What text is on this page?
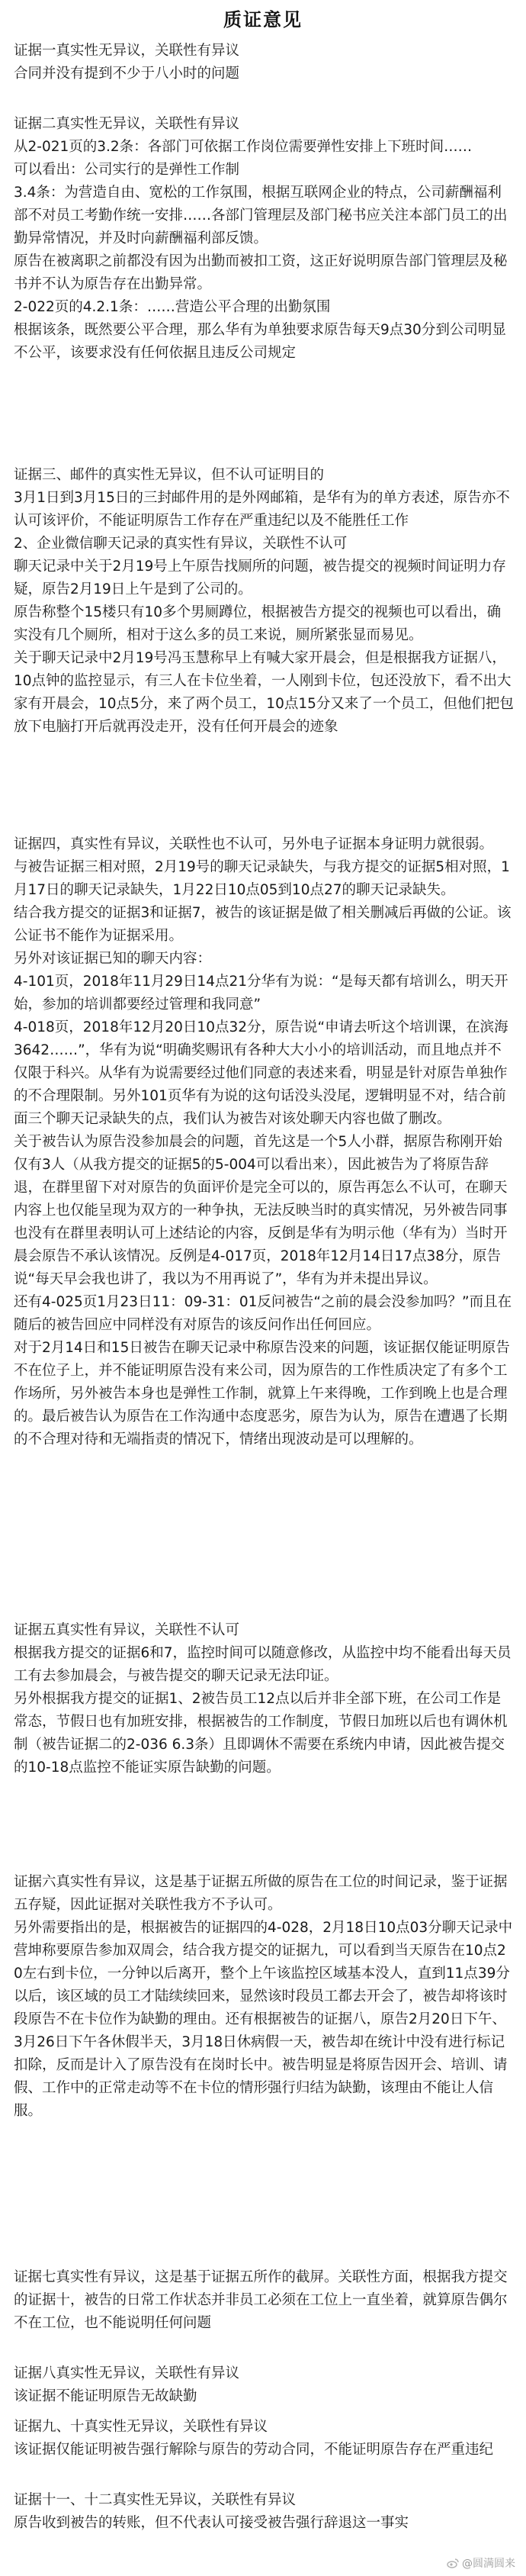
质证意见

证据一真实性无异议，关联性有异议

合同并没有提到不少于八小时的问题

证据二真实性无异议，关联性有异议

从2-021页的3.2条：各部门可依据工作岗位需要弹性安排上下班时间……

可以看出：公司实行的是弹性工作制

3.4条：为营造自由、宽松的工作氛围，根据互联网企业的特点，公司薪酬福利部不对员工考勤作统一安排……各部门管理层及部门秘书应关注本部门员工的出勤异常情况，并及时向薪酬福利部反馈。

原告在被离职之前都没有因为出勤而被扣工资，这正好说明原告部门管理层及秘书并不认为原告存在出勤异常。

2-022页的4.2.1条：……营造公平合理的出勤氛围

根据该条，既然要公平合理，那么华有为单独要求原告每天9点30分到公司明显不公平，该要求没有任何依据且违反公司规定

证据三、邮件的真实性无异议，但不认可证明目的

3月1日到3月15日的三封邮件用的是外网邮箱，是华有为的单方表述，原告亦不认可该评价，不能证明原告工作存在严重违纪以及不能胜任工作

2、企业微信聊天记录的真实性有异议，关联性不认可

聊天记录中关于2月19号上午原告找厕所的问题，被告提交的视频时间证明力存疑，原告2月19日上午是到了公司的。

原告称整个15楼只有10多个男厕蹲位，根据被告方提交的视频也可以看出，确实没有几个厕所，相对于这么多的员工来说，厕所紧张显而易见。

关于聊天记录中2月19号冯玉慧称早上有喊大家开晨会，但是根据我方证据八，10点钟的监控显示，有三人在卡位坐着，一人刚到卡位，包还没放下，看不出大家有开晨会，10点5分，来了两个员工，10点15分又来了一个员工，但他们把包放下电脑打开后就再没走开，没有任何开晨会的迹象

证据四，真实性有异议，关联性也不认可，另外电子证据本身证明力就很弱。

与被告证据三相对照，2月19号的聊天记录缺失，与我方提交的证据5相对照，1月17日的聊天记录缺失，1月22日10点05到10点27的聊天记录缺失。

结合我方提交的证据3和证据7，被告的该证据是做了相关删减后再做的公证。该公证书不能作为证据采用。

另外对该证据已知的聊天内容：

4-101页，2018年11月29日14点21分华有为说：“是每天都有培训么，明天开始，参加的培训都要经过管理和我同意”

4-018页，2018年12月20日10点32分，原告说“申请去听这个培训课，在滨海3642……”，华有为说“明确奖赐讯有各种大大小小的培训活动，而且地点并不仅限于科兴。从华有为说需要经过他们同意的表述来看，明显是针对原告单独作的不合理限制。另外101页华有为说的这句话没头没尾，逻辑明显不对，结合前面三个聊天记录缺失的点，我们认为被告对该处聊天内容也做了删改。

关于被告认为原告没参加晨会的问题，首先这是一个5人小群，据原告称刚开始仅有3人（从我方提交的证据5的5-004可以看出来），因此被告为了将原告辞退，在群里留下对对原告的负面评价是完全可以的，原告再怎么不认可，在聊天内容上也仅能呈现为双方的一种争执，无法反映当时的真实情况，另外被告同事也没有在群里表明认可上述结论的内容，反倒是华有为明示他（华有为）当时开晨会原告不承认该情况。反例是4-017页，2018年12月14日17点38分，原告说“每天早会我也讲了，我以为不用再说了”，华有为并未提出异议。

还有4-025页1月23日11：09-31：01反问被告“之前的晨会没参加吗？”而且在随后的被告回应中同样没有对原告的该反问作出任何回应。

对于2月14日和15日被告在聊天记录中称原告没来的问题，该证据仅能证明原告不在位子上，并不能证明原告没有来公司，因为原告的工作性质决定了有多个工作场所，另外被告本身也是弹性工作制，就算上午来得晚，工作到晚上也是合理的。最后被告认为原告在工作沟通中态度恶劣，原告为认为，原告在遭遇了长期的不合理对待和无端指责的情况下，情绪出现波动是可以理解的。

证据五真实性有异议，关联性不认可

根据我方提交的证据6和7，监控时间可以随意修改，从监控中均不能看出每天员工有去参加晨会，与被告提交的聊天记录无法印证。

另外根据我方提交的证据1、2被告员工12点以后并非全部下班，在公司工作是常态，节假日也有加班安排，根据被告的工作制度，节假日加班以后也有调休机制（被告证据二的2-036 6.3条）且即调休不需要在系统内申请，因此被告提交的10-18点监控不能证实原告缺勤的问题。

证据六真实性有异议，这是基于证据五所做的原告在工位的时间记录，鉴于证据五存疑，因此证据对关联性我方不予认可。

另外需要指出的是，根据被告的证据四的4-028，2月18日10点03分聊天记录中营坤称要原告参加双周会，结合我方提交的证据九，可以看到当天原告在10点20左右到卡位，一分钟以后离开，整个上午该监控区域基本没人，直到11点39分以后，该区域的员工才陆续续回来，显然该时段员工都去开会了，被告却将该时段原告不在卡位作为缺勤的理由。还有根据被告的证据八，原告2月20日下午、3月26日下午各休假半天，3月18日休病假一天，被告却在统计中没有进行标记扣除，反而是计入了原告没有在岗时长中。被告明显是将原告因开会、培训、请假、工作中的正常走动等不在卡位的情形强行归结为缺勤，该理由不能让人信服。

证据七真实性有异议，这是基于证据五所作的截屏。关联性方面，根据我方提交的证据十，被告的日常工作状态并非员工必须在工位上一直坐着，就算原告偶尔不在工位，也不能说明任何问题

证据八真实性无异议，关联性有异议

该证据不能证明原告无故缺勤

证据九、十真实性无异议，关联性有异议

该证据仅能证明被告强行解除与原告的劳动合同，不能证明原告存在严重违纪

证据十一、十二真实性无异议，关联性有异议

原告收到被告的转账，但不代表认可接受被告强行辞退这一事实

@圆满圆来
